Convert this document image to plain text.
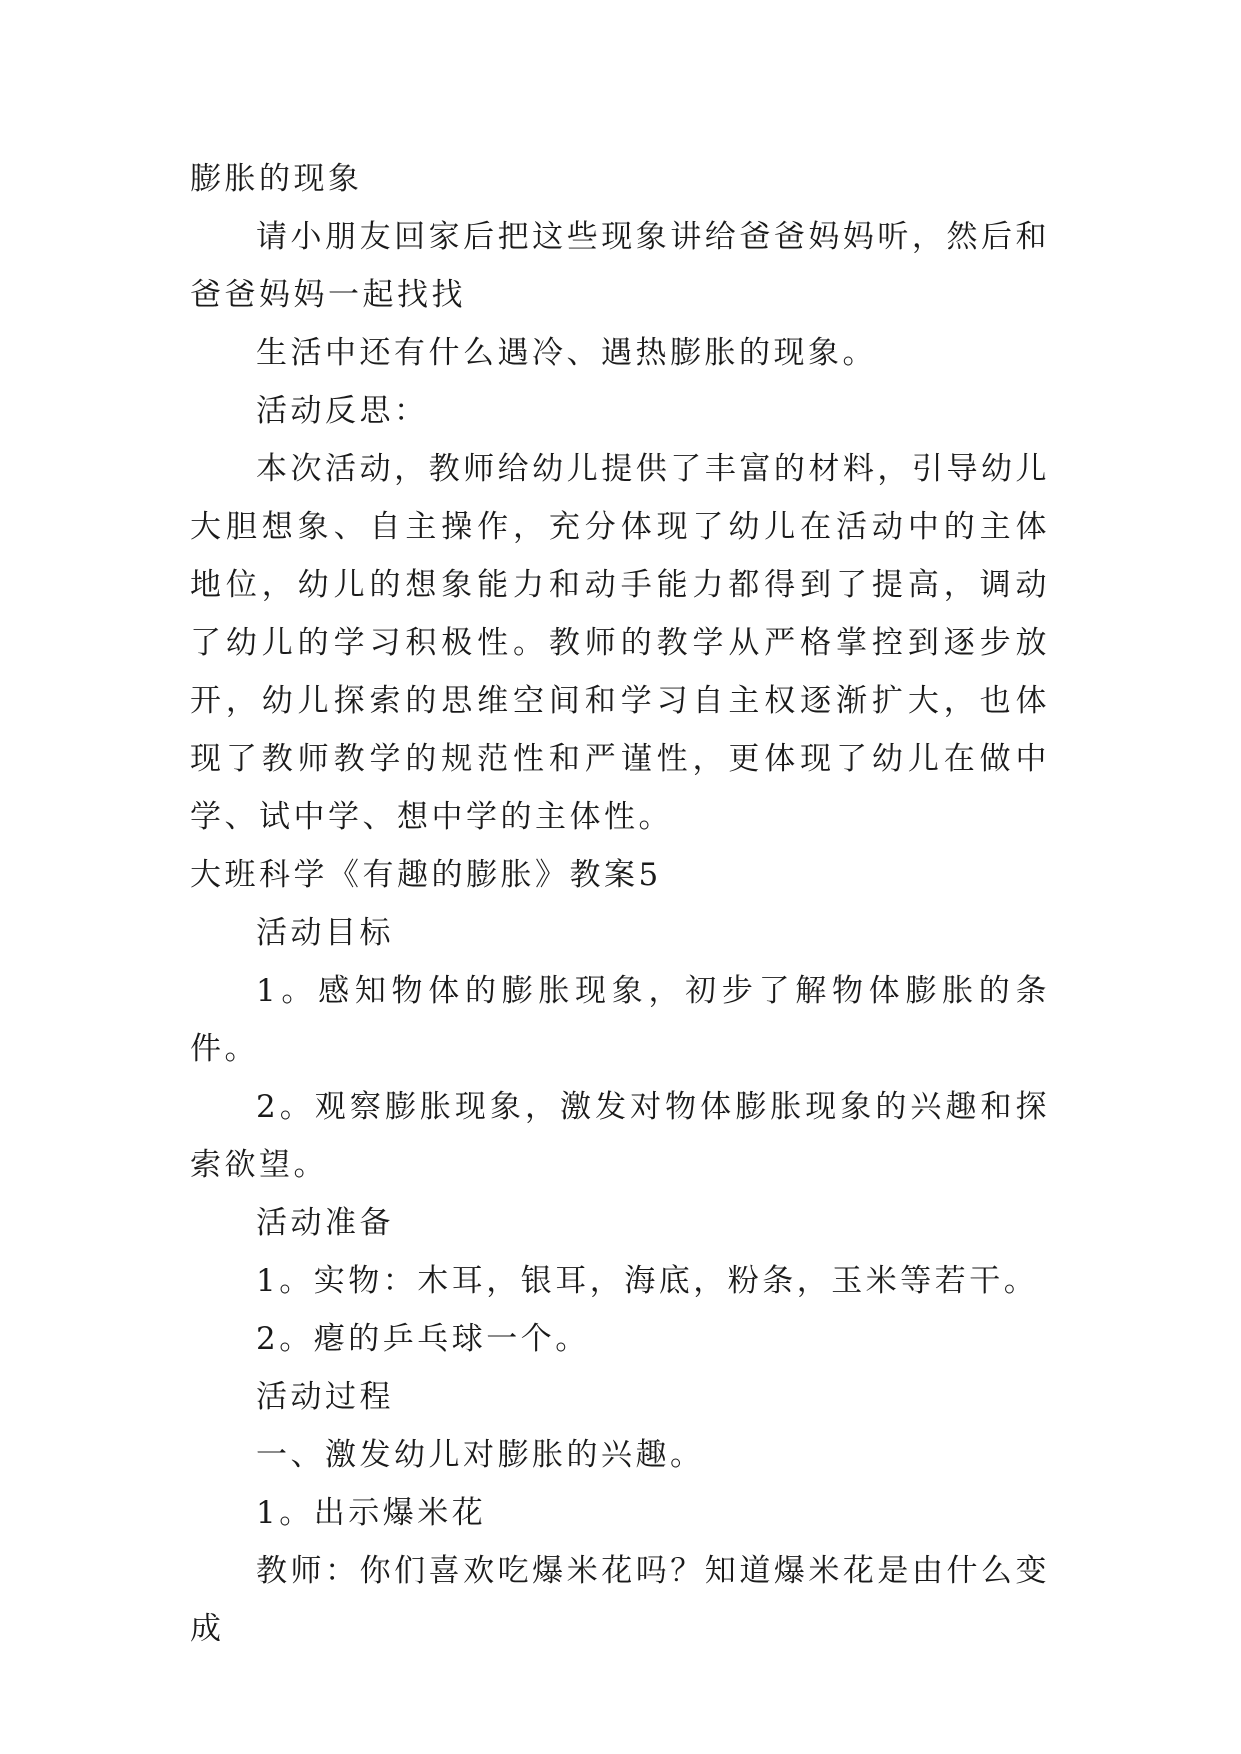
膨胀的现象

请小朋友回家后把这些现象讲给爸爸妈妈听，然后和爸爸妈妈一起找找

生活中还有什么遇冷、遇热膨胀的现象。

活动反思：

本次活动，教师给幼儿提供了丰富的材料，引导幼儿大胆想象、自主操作，充分体现了幼儿在活动中的主体地位，幼儿的想象能力和动手能力都得到了提高，调动了幼儿的学习积极性。教师的教学从严格掌控到逐步放开，幼儿探索的思维空间和学习自主权逐渐扩大，也体现了教师教学的规范性和严谨性，更体现了幼儿在做中学、试中学、想中学的主体性。

大班科学《有趣的膨胀》教案5

活动目标

1。感知物体的膨胀现象，初步了解物体膨胀的条件。

2。观察膨胀现象，激发对物体膨胀现象的兴趣和探索欲望。

活动准备

1。实物：木耳，银耳，海底，粉条，玉米等若干。

2。瘪的乒乓球一个。

活动过程

一、激发幼儿对膨胀的兴趣。

1。出示爆米花

教师：你们喜欢吃爆米花吗？知道爆米花是由什么变成
